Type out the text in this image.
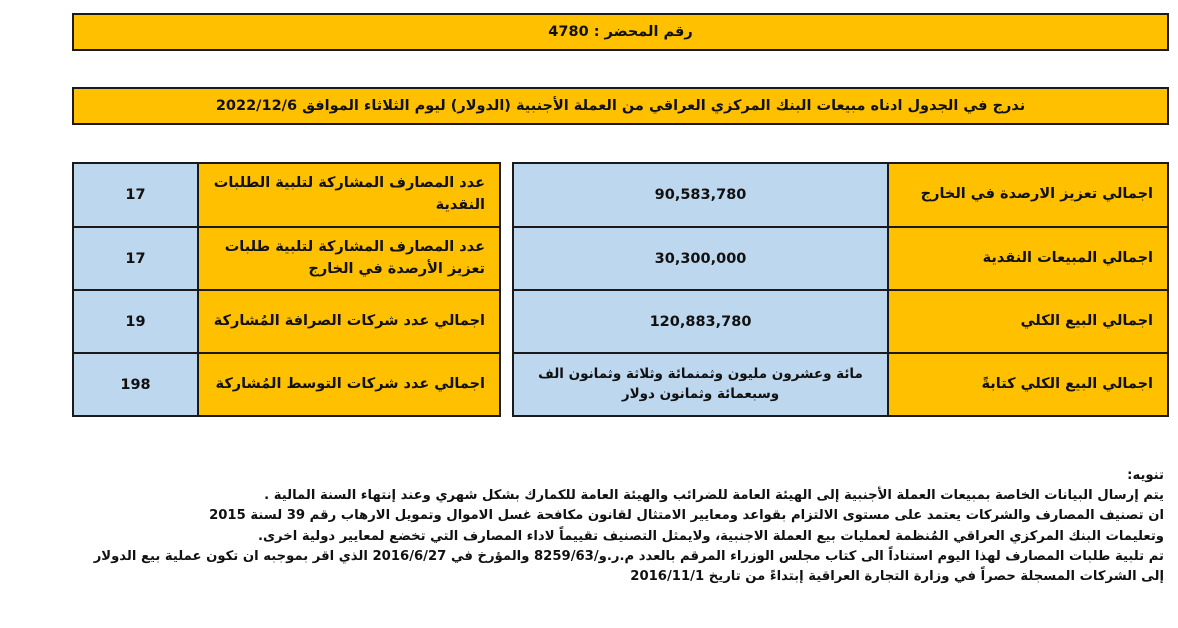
رقم المحضر : 4780
ندرج في الجدول ادناه مبيعات البنك المركزي العراقي من العملة الأجنبية (الدولار) ليوم الثلاثاء الموافق 2022/12/6
اجمالي تعزيز الارصدة في الخارج
90,583,780
اجمالي المبيعات النقدية
30,300,000
اجمالي البيع الكلي
120,883,780
اجمالي البيع الكلي كتابةً
مائة وعشرون مليون وثمنمائة وثلاثة وثمانون الف وسبعمائة وثمانون دولار
عدد المصارف المشاركة لتلبية الطلبات النقدية
17
عدد المصارف المشاركة لتلبية طلبات تعزيز الأرصدة في الخارج
17
اجمالي عدد شركات الصرافة المُشاركة
19
اجمالي عدد شركات التوسط المُشاركة
198
تنويه:
يتم إرسال البيانات الخاصة بمبيعات العملة الأجنبية إلى الهيئة العامة للضرائب والهيئة العامة للكمارك بشكل شهري وعند إنتهاء السنة المالية .
ان تصنيف المصارف والشركات يعتمد على مستوى الالتزام بقواعد ومعايير الامتثال لقانون مكافحة غسل الاموال وتمويل الارهاب رقم 39 لسنة 2015
وتعليمات البنك المركزي العراقي المُنظمة لعمليات بيع العملة الاجنبية، ولايمثل التصنيف تقييماً لاداء المصارف التي تخضع لمعايير دولية اخرى.
تم تلبية طلبات المصارف لهذا اليوم استناداً الى كتاب مجلس الوزراء المرقم بالعدد م.ر.و/8259/63 والمؤرخ في 2016/6/27 الذي اقر بموجبه ان تكون عملية بيع الدولار
إلى الشركات المسجلة حصراً في وزارة التجارة العراقية إبتداءً من تاريخ 2016/11/1
